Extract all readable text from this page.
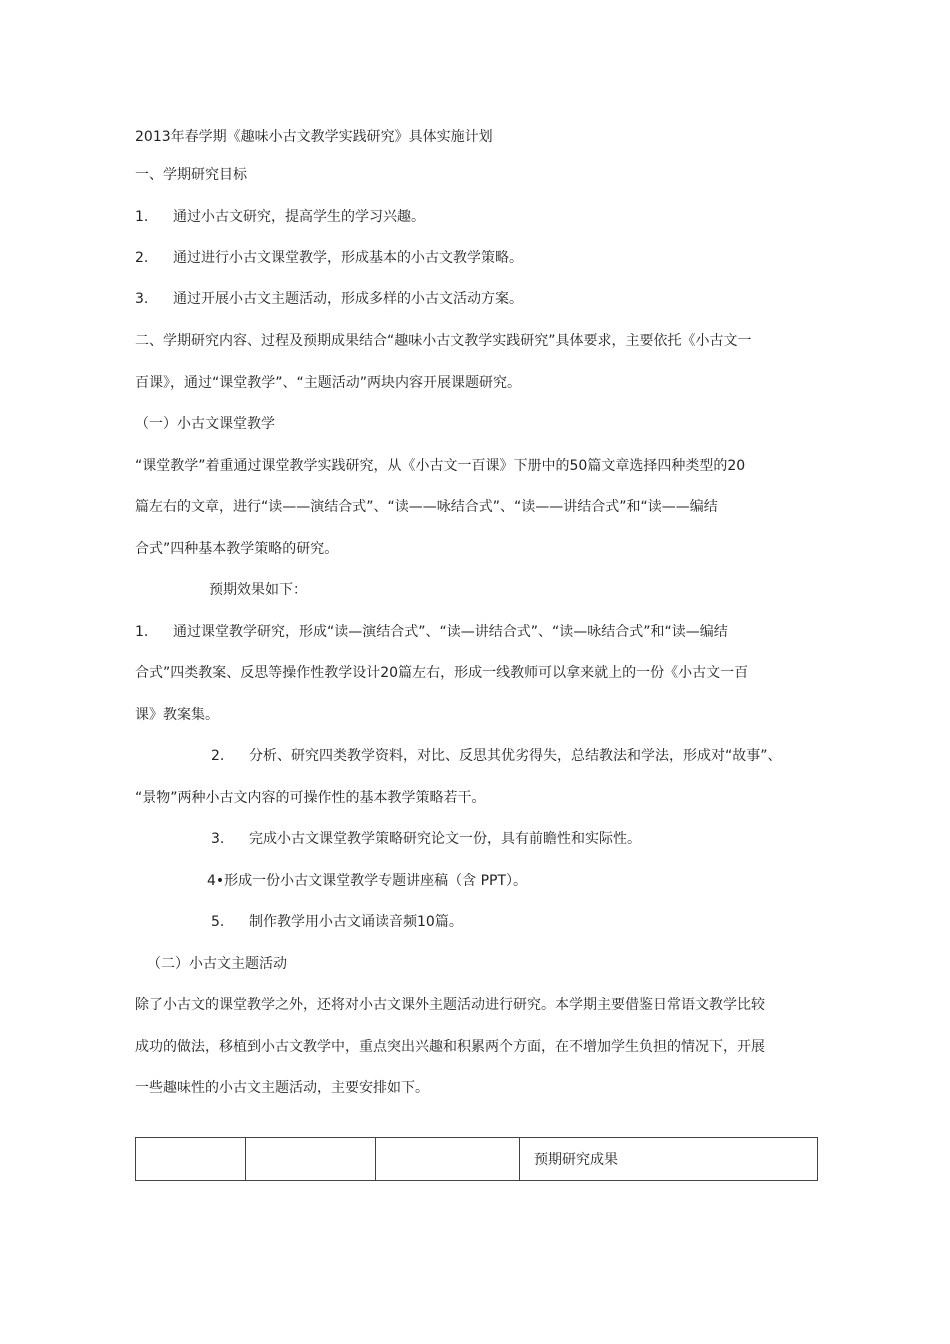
2013年春学期《趣味小古文教学实践研究》具体实施计划

一、学期研究目标

1. 通过小古文研究，提高学生的学习兴趣。

2. 通过进行小古文课堂教学，形成基本的小古文教学策略。

3. 通过开展小古文主题活动，形成多样的小古文活动方案。

二、学期研究内容、过程及预期成果结合“趣味小古文教学实践研究”具体要求，主要依托《小古文一

百课》，通过“课堂教学”、“主题活动”两块内容开展课题研究。

（一）小古文课堂教学

“课堂教学”着重通过课堂教学实践研究，从《小古文一百课》下册中的50篇文章选择四种类型的20

篇左右的文章，进行“读——演结合式”、“读——咏结合式”、“读——讲结合式”和“读——编结

合式”四种基本教学策略的研究。

预期效果如下：

1. 通过课堂教学研究，形成“读—演结合式”、“读—讲结合式”、“读—咏结合式”和“读—编结

合式”四类教案、反思等操作性教学设计20篇左右，形成一线教师可以拿来就上的一份《小古文一百

课》教案集。

2. 分析、研究四类教学资料，对比、反思其优劣得失，总结教法和学法，形成对“故事”、

“景物”两种小古文内容的可操作性的基本教学策略若干。

3. 完成小古文课堂教学策略研究论文一份，具有前瞻性和实际性。

4•形成一份小古文课堂教学专题讲座稿（含 PPT）。

5. 制作教学用小古文诵读音频10篇。

（二）小古文主题活动

除了小古文的课堂教学之外，还将对小古文课外主题活动进行研究。本学期主要借鉴日常语文教学比较

成功的做法，移植到小古文教学中，重点突出兴趣和积累两个方面，在不增加学生负担的情况下，开展

一些趣味性的小古文主题活动，主要安排如下。

			预期研究成果
